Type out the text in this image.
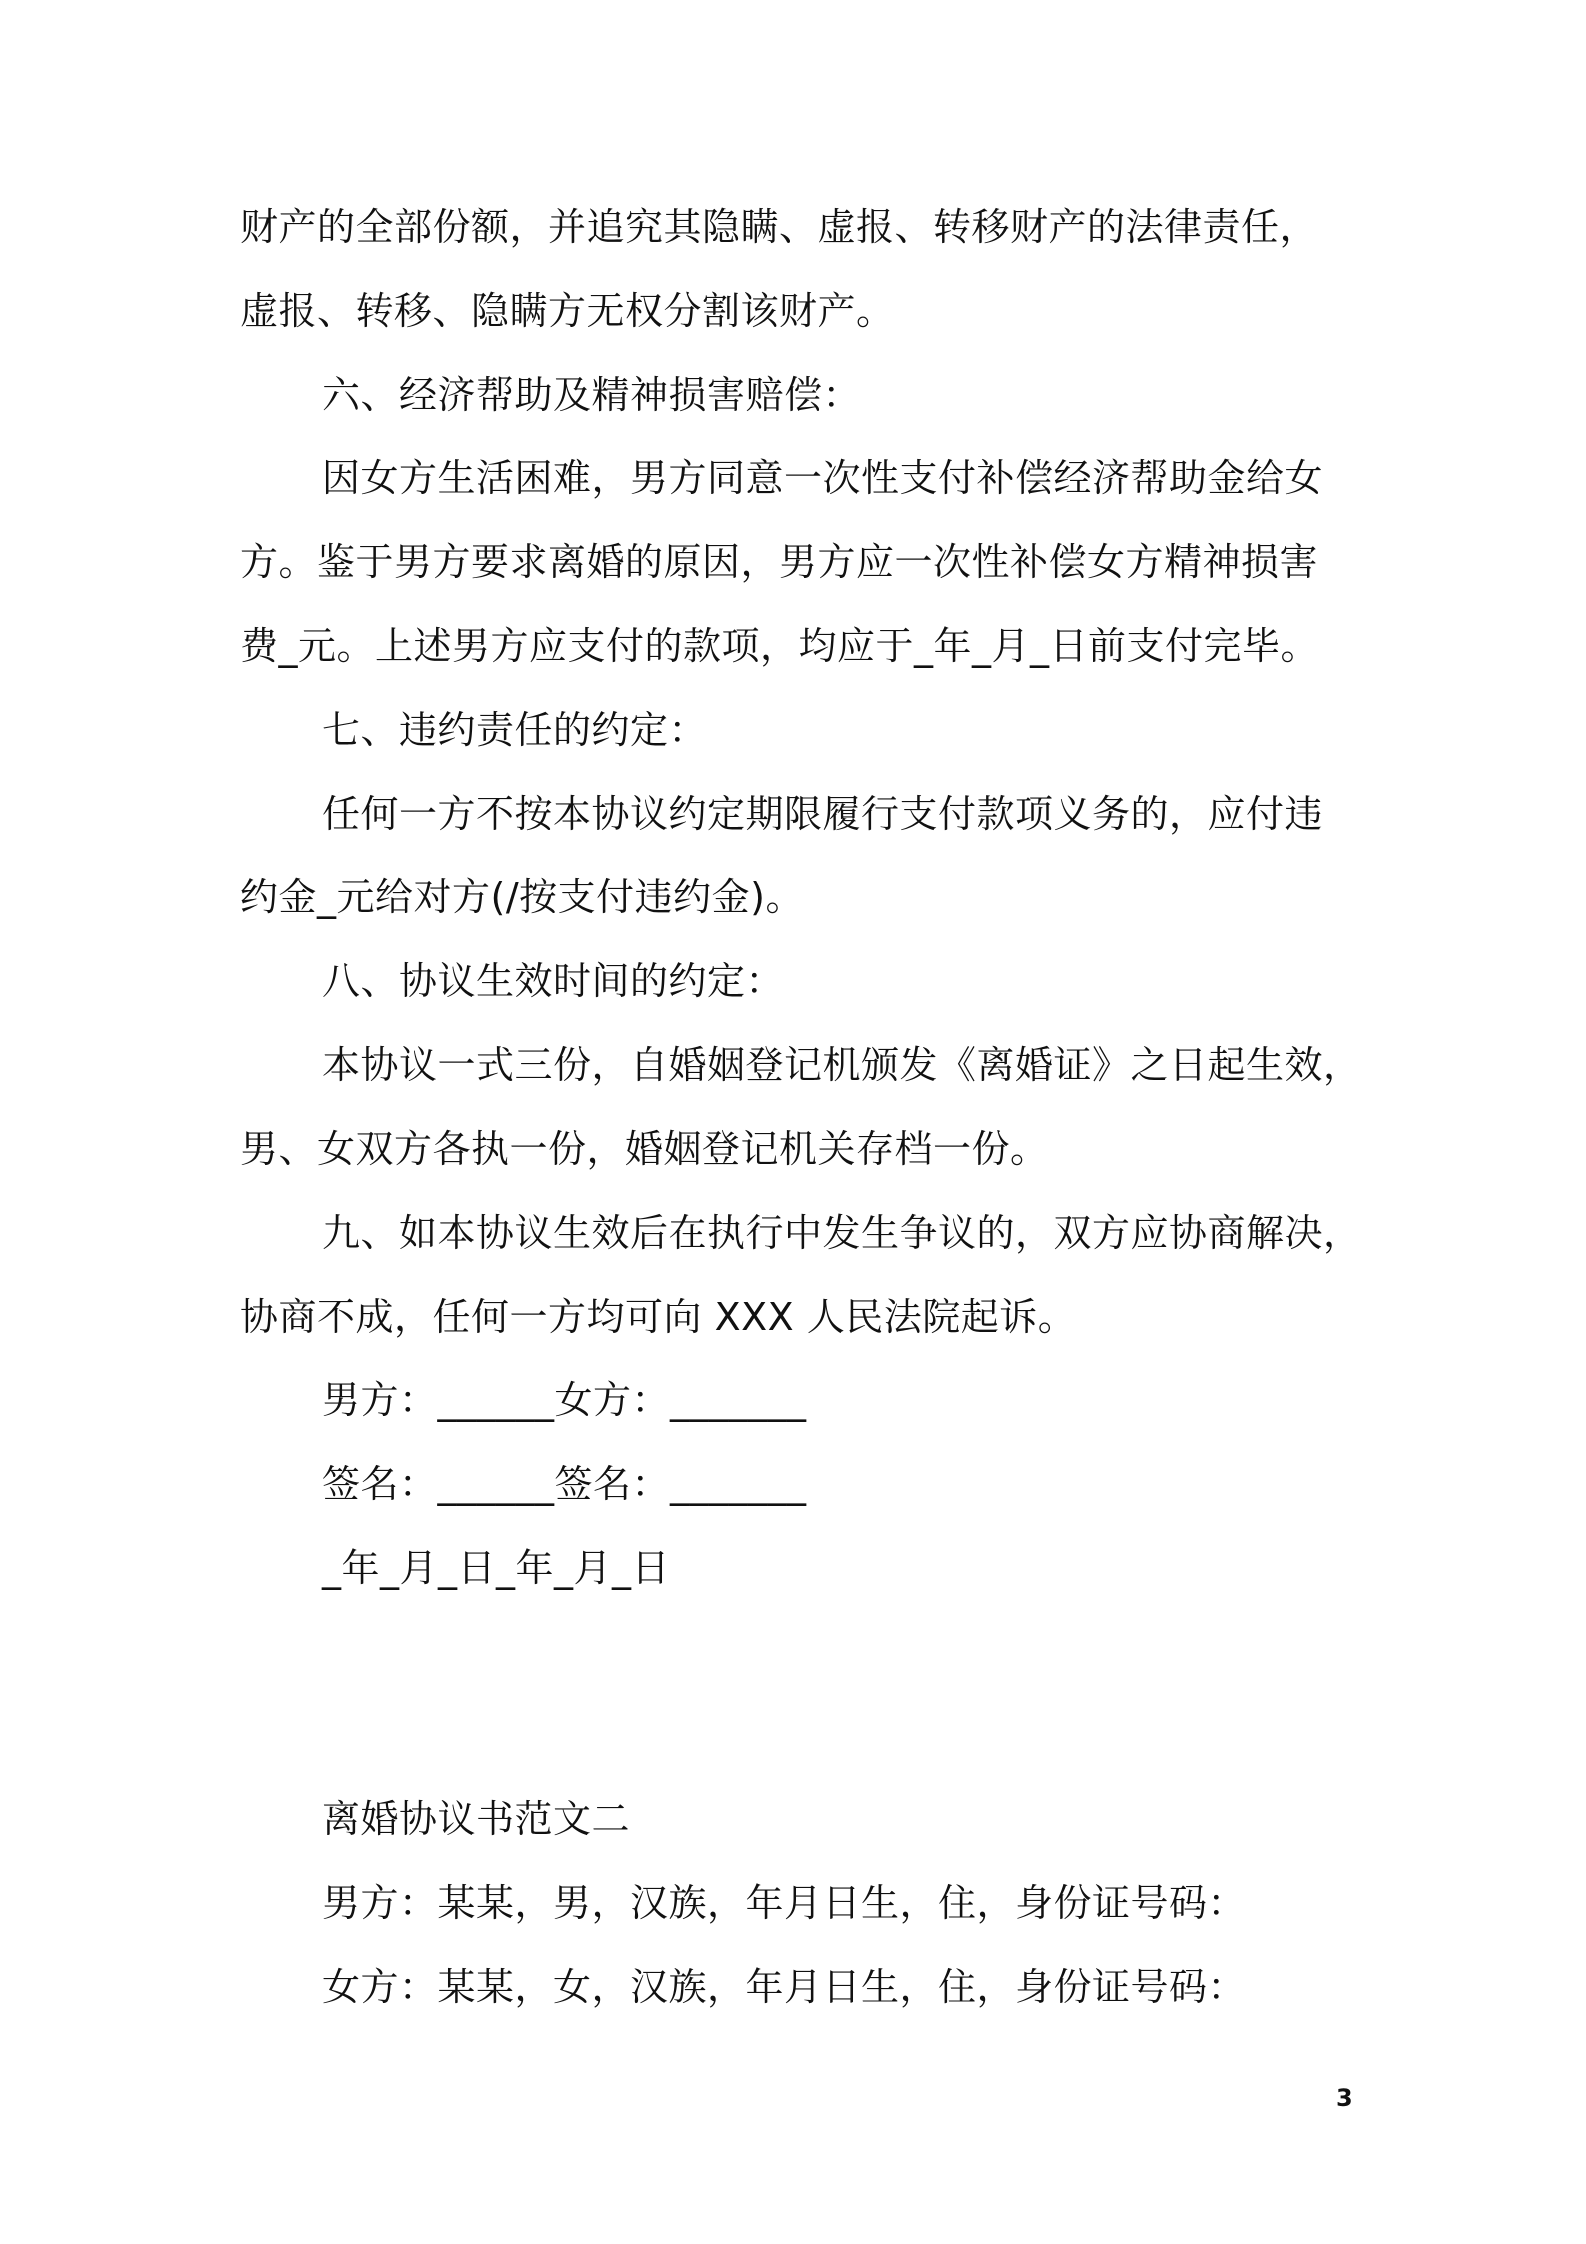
财产的全部份额，并追究其隐瞒、虚报、转移财产的法律责任，
虚报、转移、隐瞒方无权分割该财产。
六、经济帮助及精神损害赔偿：
因女方生活困难，男方同意一次性支付补偿经济帮助金给女
方。鉴于男方要求离婚的原因，男方应一次性补偿女方精神损害
费_元。上述男方应支付的款项，均应于_年_月_日前支付完毕。
七、违约责任的约定：
任何一方不按本协议约定期限履行支付款项义务的，应付违
约金_元给对方(/按支付违约金)。
八、协议生效时间的约定：
本协议一式三份，自婚姻登记机颁发《离婚证》之日起生效，
男、女双方各执一份，婚姻登记机关存档一份。
九、如本协议生效后在执行中发生争议的，双方应协商解决，
协商不成，任何一方均可向 XXX 人民法院起诉。
男方：______女方：_______
签名：______签名：_______
_年_月_日_年_月_日
离婚协议书范文二
男方：某某，男，汉族，年月日生，住，身份证号码：
女方：某某，女，汉族，年月日生，住，身份证号码：
3
